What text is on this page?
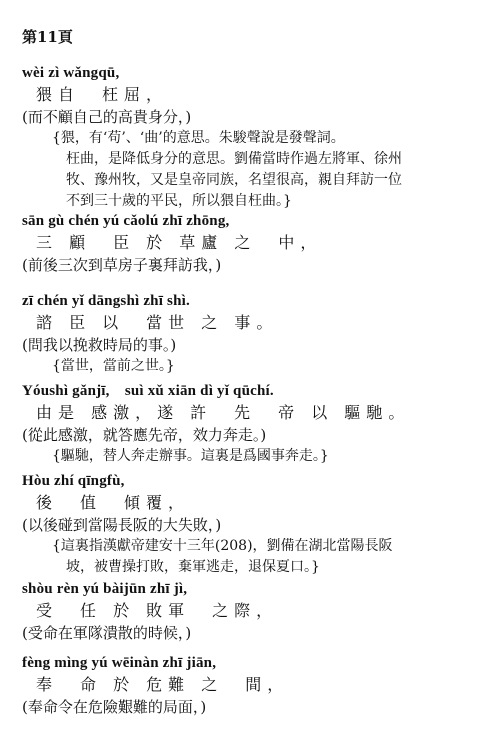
第11頁
wèi zì wǎngqū,
猥自　枉屈，
(而不顧自己的高貴身分，)
{猥，有‘苟’、‘曲’的意思。朱駿聲說是發聲詞。
枉曲，是降低身分的意思。劉備當時作過左將軍、徐州
牧、豫州牧，又是皇帝同族，名望很高，親自拜訪一位
不到三十歲的平民，所以猥自枉曲。}
sān gù chén yú cǎolú zhī zhōng,
三 顧　臣 於 草廬 之　中，
(前後三次到草房子裏拜訪我，)
zī chén yǐ dāngshì zhī shì.
諮 臣 以　當世 之 事。
(問我以挽救時局的事。)
{當世，當前之世。}
Yóushì gǎnjī,　suì xǔ xiān dì yǐ qūchí.
由是 感激，遂 許　先　帝 以 驅馳。
(從此感激，就答應先帝，效力奔走。)
{驅馳，替人奔走辦事。這裏是爲國事奔走。}
Hòu zhí qīngfù,
後　值　傾覆，
(以後碰到當陽長阪的大失敗，)
{這裏指漢獻帝建安十三年(208)，劉備在湖北當陽長阪
坡，被曹操打敗，棄軍逃走，退保夏口。}
shòu rèn yú bàijūn zhī jì,
受　任 於 敗軍　之際，
(受命在軍隊潰散的時候，)
fèng mìng yú wēinàn zhī jiān,
奉　命 於 危難 之　間，
(奉命令在危險艱難的局面，)
